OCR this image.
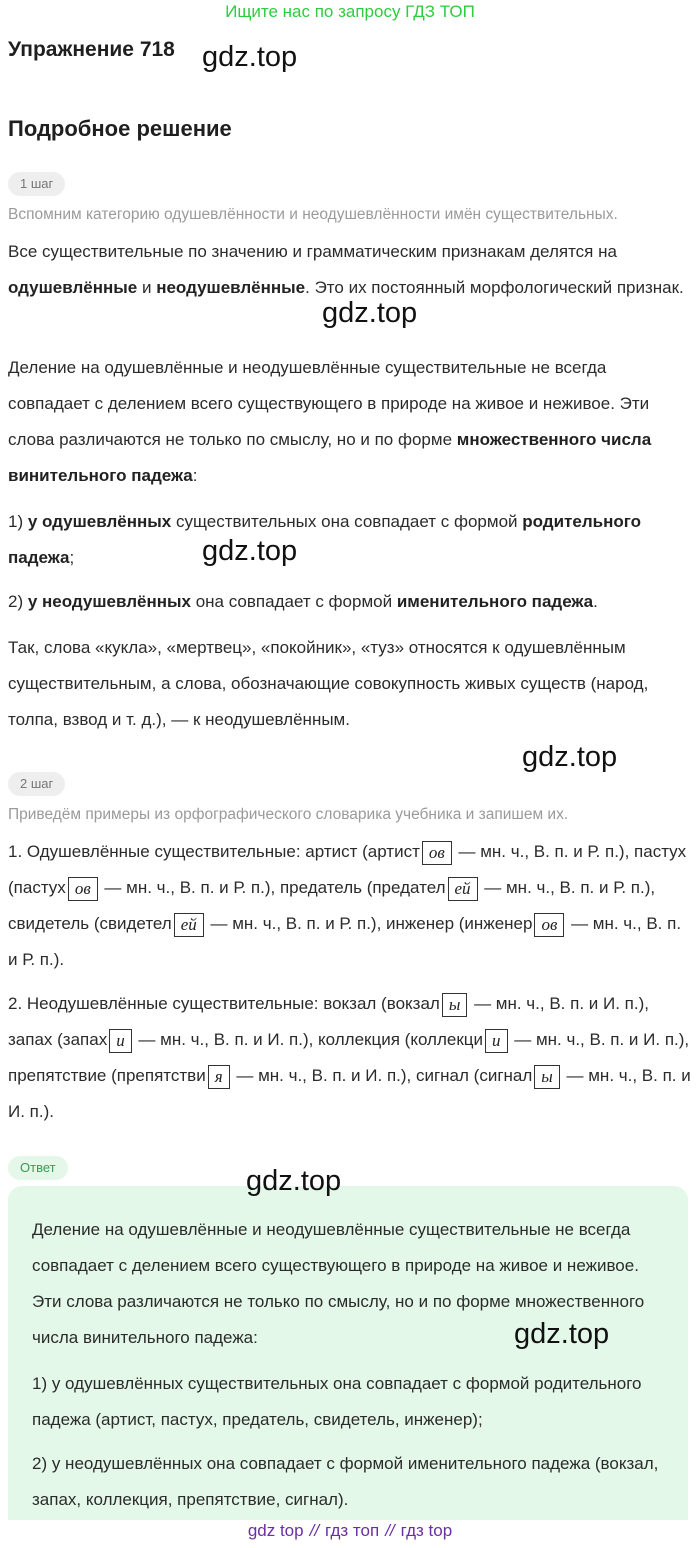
Ищите нас по запросу ГДЗ ТОП
Упражнение 718 gdz.top
Подробное решение
1 шаг
Вспомним категорию одушевлённости и неодушевлённости имён существительных.
Все существительные по значению и грамматическим признакам делятся на одушевлённые и неодушевлённые. Это их постоянный морфологический признак.
gdz.top
Деление на одушевлённые и неодушевлённые существительные не всегда совпадает с делением всего существующего в природе на живое и неживое. Эти слова различаются не только по смыслу, но и по форме множественного числа винительного падежа:
1) у одушевлённых существительных она совпадает с формой родительного падежа;	gdz.top
2) у неодушевлённых она совпадает с формой именительного падежа.
Так, слова «кукла», «мертвец», «покойник», «туз» относятся к одушевлённым существительным, а слова, обозначающие совокупность живых существ (народ, толпа, взвод и т. д.), — к неодушевлённым.
gdz.top
2 шаг
Приведём примеры из орфографического словарика учебника и запишем их.
1. Одушевлённые существительные: артист (артист ов — мн. ч., В. п. и Р. п.), пастух (пастух ов — мн. ч., В. п. и Р. п.), предатель (предател ей — мн. ч., В. п. и Р. п.), свидетель (свидетел ей — мн. ч., В. п. и Р. п.), инженер (инженер ов — мн. ч., В. п. и Р. п.).
2. Неодушевлённые существительные: вокзал (вокзал ы — мн. ч., В. п. и И. п.), запах (запах и — мн. ч., В. п. и И. п.), коллекция (коллекци и — мн. ч., В. п. и И. п.), препятствие (препятстви я — мн. ч., В. п. и И. п.), сигнал (сигнал ы — мн. ч., В. п. и И. п.).
Ответ	gdz.top
Деление на одушевлённые и неодушевлённые существительные не всегда совпадает с делением всего существующего в природе на живое и неживое. Эти слова различаются не только по смыслу, но и по форме множественного числа винительного падежа:	gdz.top
1) у одушевлённых существительных она совпадает с формой родительного падежа (артист, пастух, предатель, свидетель, инженер);
2) у неодушевлённых она совпадает с формой именительного падежа (вокзал, запах, коллекция, препятствие, сигнал).
gdz top // гдз топ // гдз top
